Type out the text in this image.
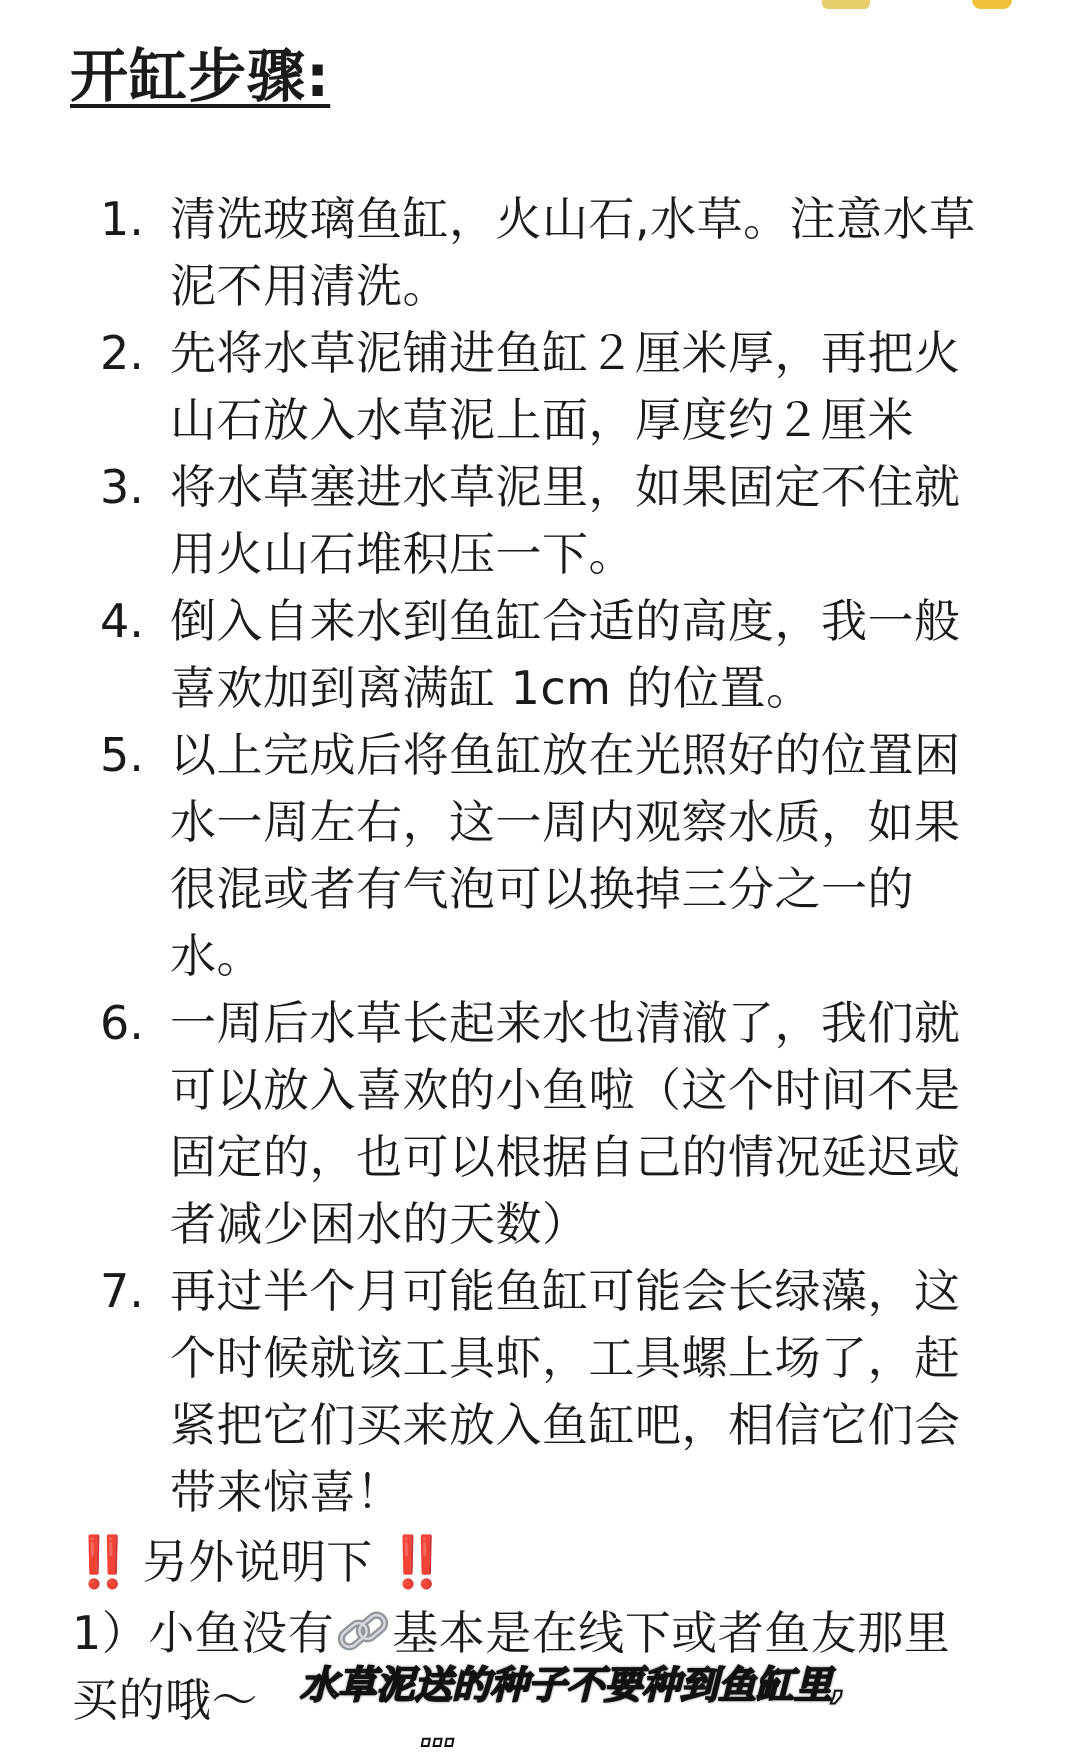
开缸步骤:
1. 清洗玻璃鱼缸，火山石,水草。注意水草
泥不用清洗。
2. 先将水草泥铺进鱼缸２厘米厚，再把火
山石放入水草泥上面，厚度约２厘米
3. 将水草塞进水草泥里，如果固定不住就
用火山石堆积压一下。
4. 倒入自来水到鱼缸合适的高度，我一般
喜欢加到离满缸 1cm 的位置。
5. 以上完成后将鱼缸放在光照好的位置困
水一周左右，这一周内观察水质，如果
很混或者有气泡可以换掉三分之一的
水。
6. 一周后水草长起来水也清澈了，我们就
可以放入喜欢的小鱼啦（这个时间不是
固定的，也可以根据自己的情况延迟或
者减少困水的天数）
7. 再过半个月可能鱼缸可能会长绿藻，这
个时候就该工具虾，工具螺上场了，赶
紧把它们买来放入鱼缸吧，相信它们会
带来惊喜！
‼️ 另外说明下 ‼️
1）小鱼没有 基本是在线下或者鱼友那里
买的哦～	水草泥送的种子不要种到鱼缸里,
…
